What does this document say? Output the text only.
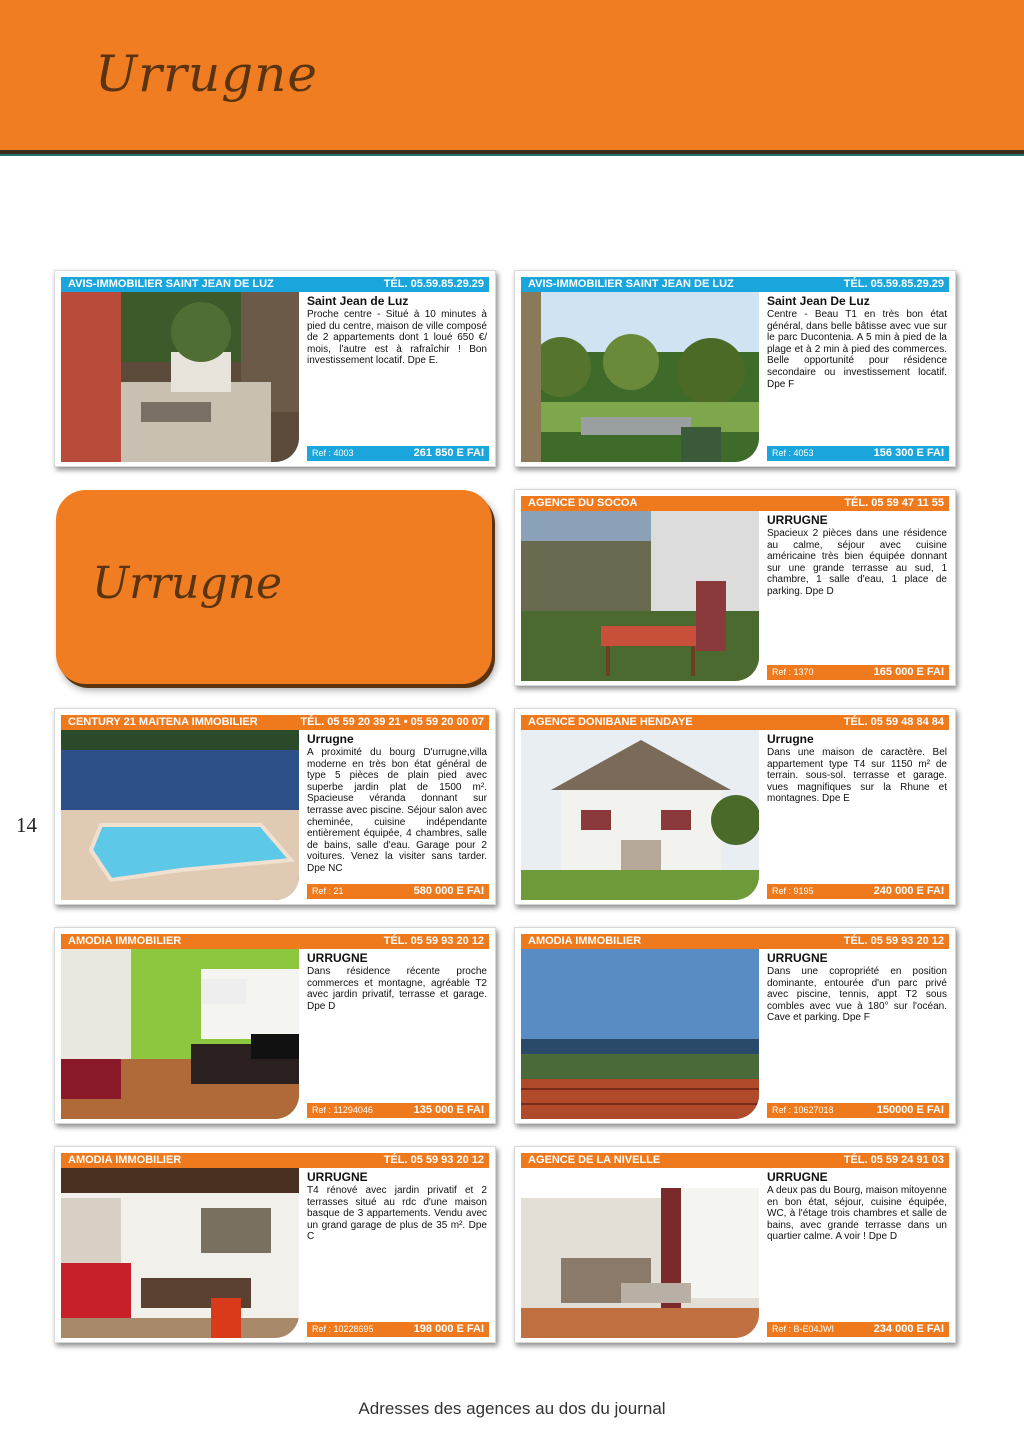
Urrugne
Urrugne
14
Adresses des agences au dos du journal
AVIS-IMMOBILIER SAINT JEAN DE LUZ	TÉL. 05.59.85.29.29
Saint Jean de Luz

Proche centre - Situé à 10 minutes à pied du centre, maison de ville composé de 2 appartements dont 1 loué 650 €/ mois, l'autre est à rafraîchir ! Bon investissement locatif. Dpe E.

Ref : 4003	261 850 E FAI
AVIS-IMMOBILIER SAINT JEAN DE LUZ	TÉL. 05.59.85.29.29
Saint Jean De Luz

Centre - Beau T1 en très bon état général, dans belle bâtisse avec vue sur le parc Ducontenia. A 5 min à pied de la plage et à 2 min à pied des commerces. Belle opportunité pour résidence secondaire ou investissement locatif. Dpe F

Ref : 4053	156 300 E FAI
AGENCE DU SOCOA	TÉL. 05 59 47 11 55
URRUGNE

Spacieux 2 pièces dans une résidence au calme, séjour avec cuisine américaine très bien équipée donnant sur une grande terrasse au sud, 1 chambre, 1 salle d'eau, 1 place de parking. Dpe D

Ref : 1370	165 000 E FAI
CENTURY 21 MAITENA IMMOBILIER	TÉL. 05 59 20 39 21 • 05 59 20 00 07
Urrugne

A proximité du bourg D'urrugne,villa moderne en très bon état général de type 5 pièces de plain pied avec superbe jardin plat de 1500 m². Spacieuse véranda donnant sur terrasse avec piscine. Séjour salon avec cheminée, cuisine indépendante entièrement équipée, 4 chambres, salle de bains, salle d'eau. Garage pour 2 voitures. Venez la visiter sans tarder. Dpe NC

Ref : 21	580 000 E FAI
AGENCE DONIBANE HENDAYE	TÉL. 05 59 48 84 84
Urrugne

Dans une maison de caractère. Bel appartement type T4 sur 1150 m² de terrain. sous-sol. terrasse et garage. vues magnifiques sur la Rhune et montagnes. Dpe E

Ref : 9195	240 000 E FAI
AMODIA IMMOBILIER	TÉL. 05 59 93 20 12
URRUGNE

Dans résidence récente proche commerces et montagne, agréable T2 avec jardin privatif, terrasse et garage. Dpe D

Ref : 11294046	135 000 E FAI
AMODIA IMMOBILIER	TÉL. 05 59 93 20 12
URRUGNE

Dans une copropriété en position dominante, entourée d'un parc privé avec piscine, tennis, appt T2 sous combles avec vue à 180° sur l'océan. Cave et parking. Dpe F

Ref : 10627018	150000 E FAI
AMODIA IMMOBILIER	TÉL. 05 59 93 20 12
URRUGNE

T4 rénové avec jardin privatif et 2 terrasses situé au rdc d'une maison basque de 3 appartements. Vendu avec un grand garage de plus de 35 m². Dpe C

Ref : 10228695	198 000 E FAI
AGENCE DE LA NIVELLE	TÉL. 05 59 24 91 03
URRUGNE

A deux pas du Bourg, maison mitoyenne en bon état, séjour, cuisine équipée, WC, à l'étage trois chambres et salle de bains, avec grande terrasse dans un quartier calme. A voir ! Dpe D

Ref : B-E04JWI	234 000 E FAI
